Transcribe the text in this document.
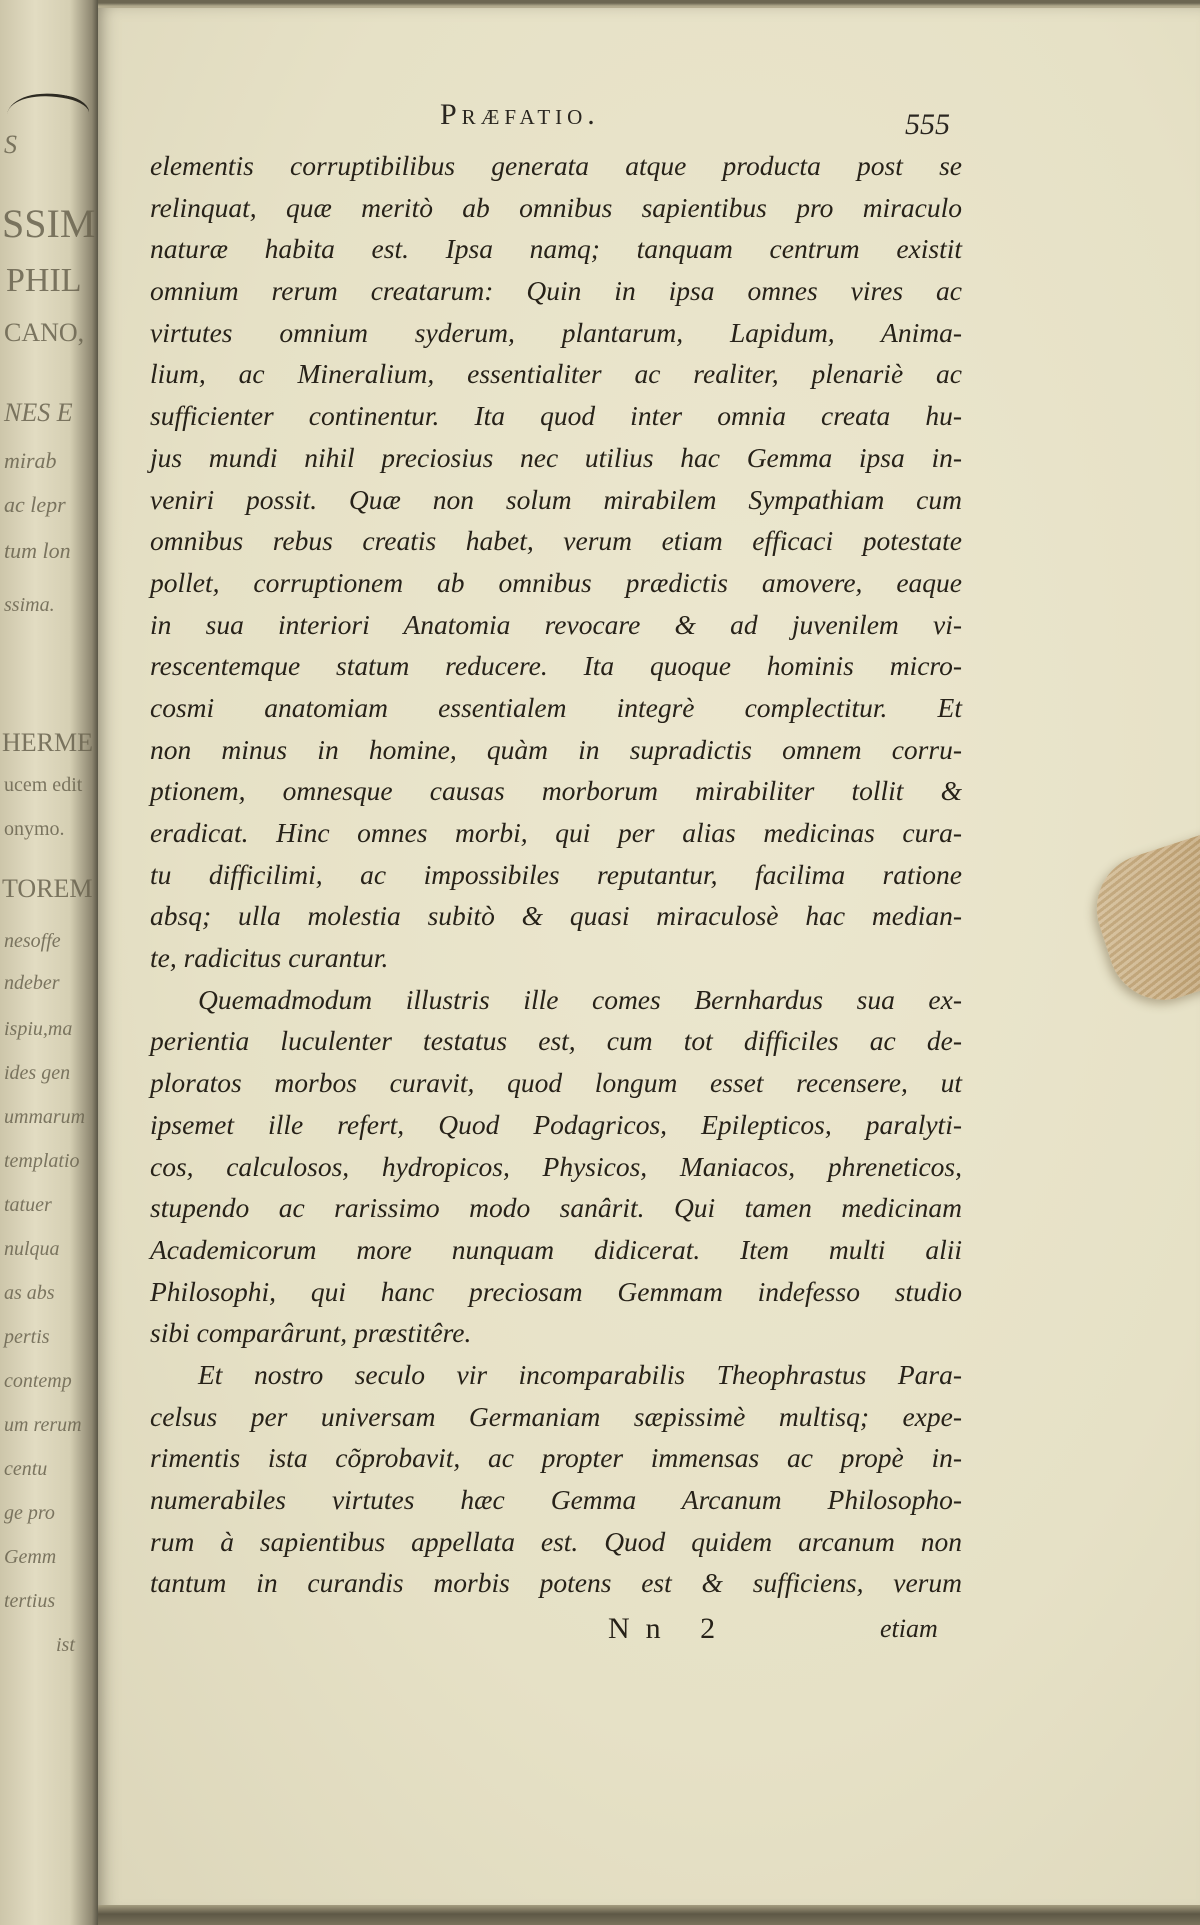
S
SSIM
PHIL
CANO,
NES E
mirab
ac lepr
tum lon
ssima.
HERME
ucem edit
onymo.
TOREM
nesoffe
ndeber
ispiu,ma
ides gen
ummarum
templatio
tatuer
nulqua
as abs
pertis
contemp
um rerum
centu
ge pro
Gemm
tertius
ist
Præfatio.	555
elementis corruptibilibus generata atque producta post se
relinquat, quæ meritò ab omnibus sapientibus pro miraculo
naturæ habita est. Ipsa namq; tanquam centrum existit
omnium rerum creatarum: Quin in ipsa omnes vires ac
virtutes omnium syderum, plantarum, Lapidum, Anima-
lium, ac Mineralium, essentialiter ac realiter, plenariè ac
sufficienter continentur. Ita quod inter omnia creata hu-
jus mundi nihil preciosius nec utilius hac Gemma ipsa in-
veniri possit. Quæ non solum mirabilem Sympathiam cum
omnibus rebus creatis habet, verum etiam efficaci potestate
pollet, corruptionem ab omnibus prædictis amovere, eaque
in sua interiori Anatomia revocare & ad juvenilem vi-
rescentemque statum reducere. Ita quoque hominis micro-
cosmi anatomiam essentialem integrè complectitur. Et
non minus in homine, quàm in supradictis omnem corru-
ptionem, omnesque causas morborum mirabiliter tollit &
eradicat. Hinc omnes morbi, qui per alias medicinas cura-
tu difficilimi, ac impossibiles reputantur, facilima ratione
absq; ulla molestia subitò & quasi miraculosè hac median-
te, radicitus curantur.
Quemadmodum illustris ille comes Bernhardus sua ex-
perientia luculenter testatus est, cum tot difficiles ac de-
ploratos morbos curavit, quod longum esset recensere, ut
ipsemet ille refert, Quod Podagricos, Epilepticos, paralyti-
cos, calculosos, hydropicos, Physicos, Maniacos, phreneticos,
stupendo ac rarissimo modo sanârit. Qui tamen medicinam
Academicorum more nunquam didicerat. Item multi alii
Philosophi, qui hanc preciosam Gemmam indefesso studio
sibi comparârunt, præstitêre.
Et nostro seculo vir incomparabilis Theophrastus Para-
celsus per universam Germaniam sæpissimè multisq; expe-
rimentis ista cõprobavit, ac propter immensas ac propè in-
numerabiles virtutes hæc Gemma Arcanum Philosopho-
rum à sapientibus appellata est. Quod quidem arcanum non
tantum in curandis morbis potens est & sufficiens, verum
Nn 2	etiam
